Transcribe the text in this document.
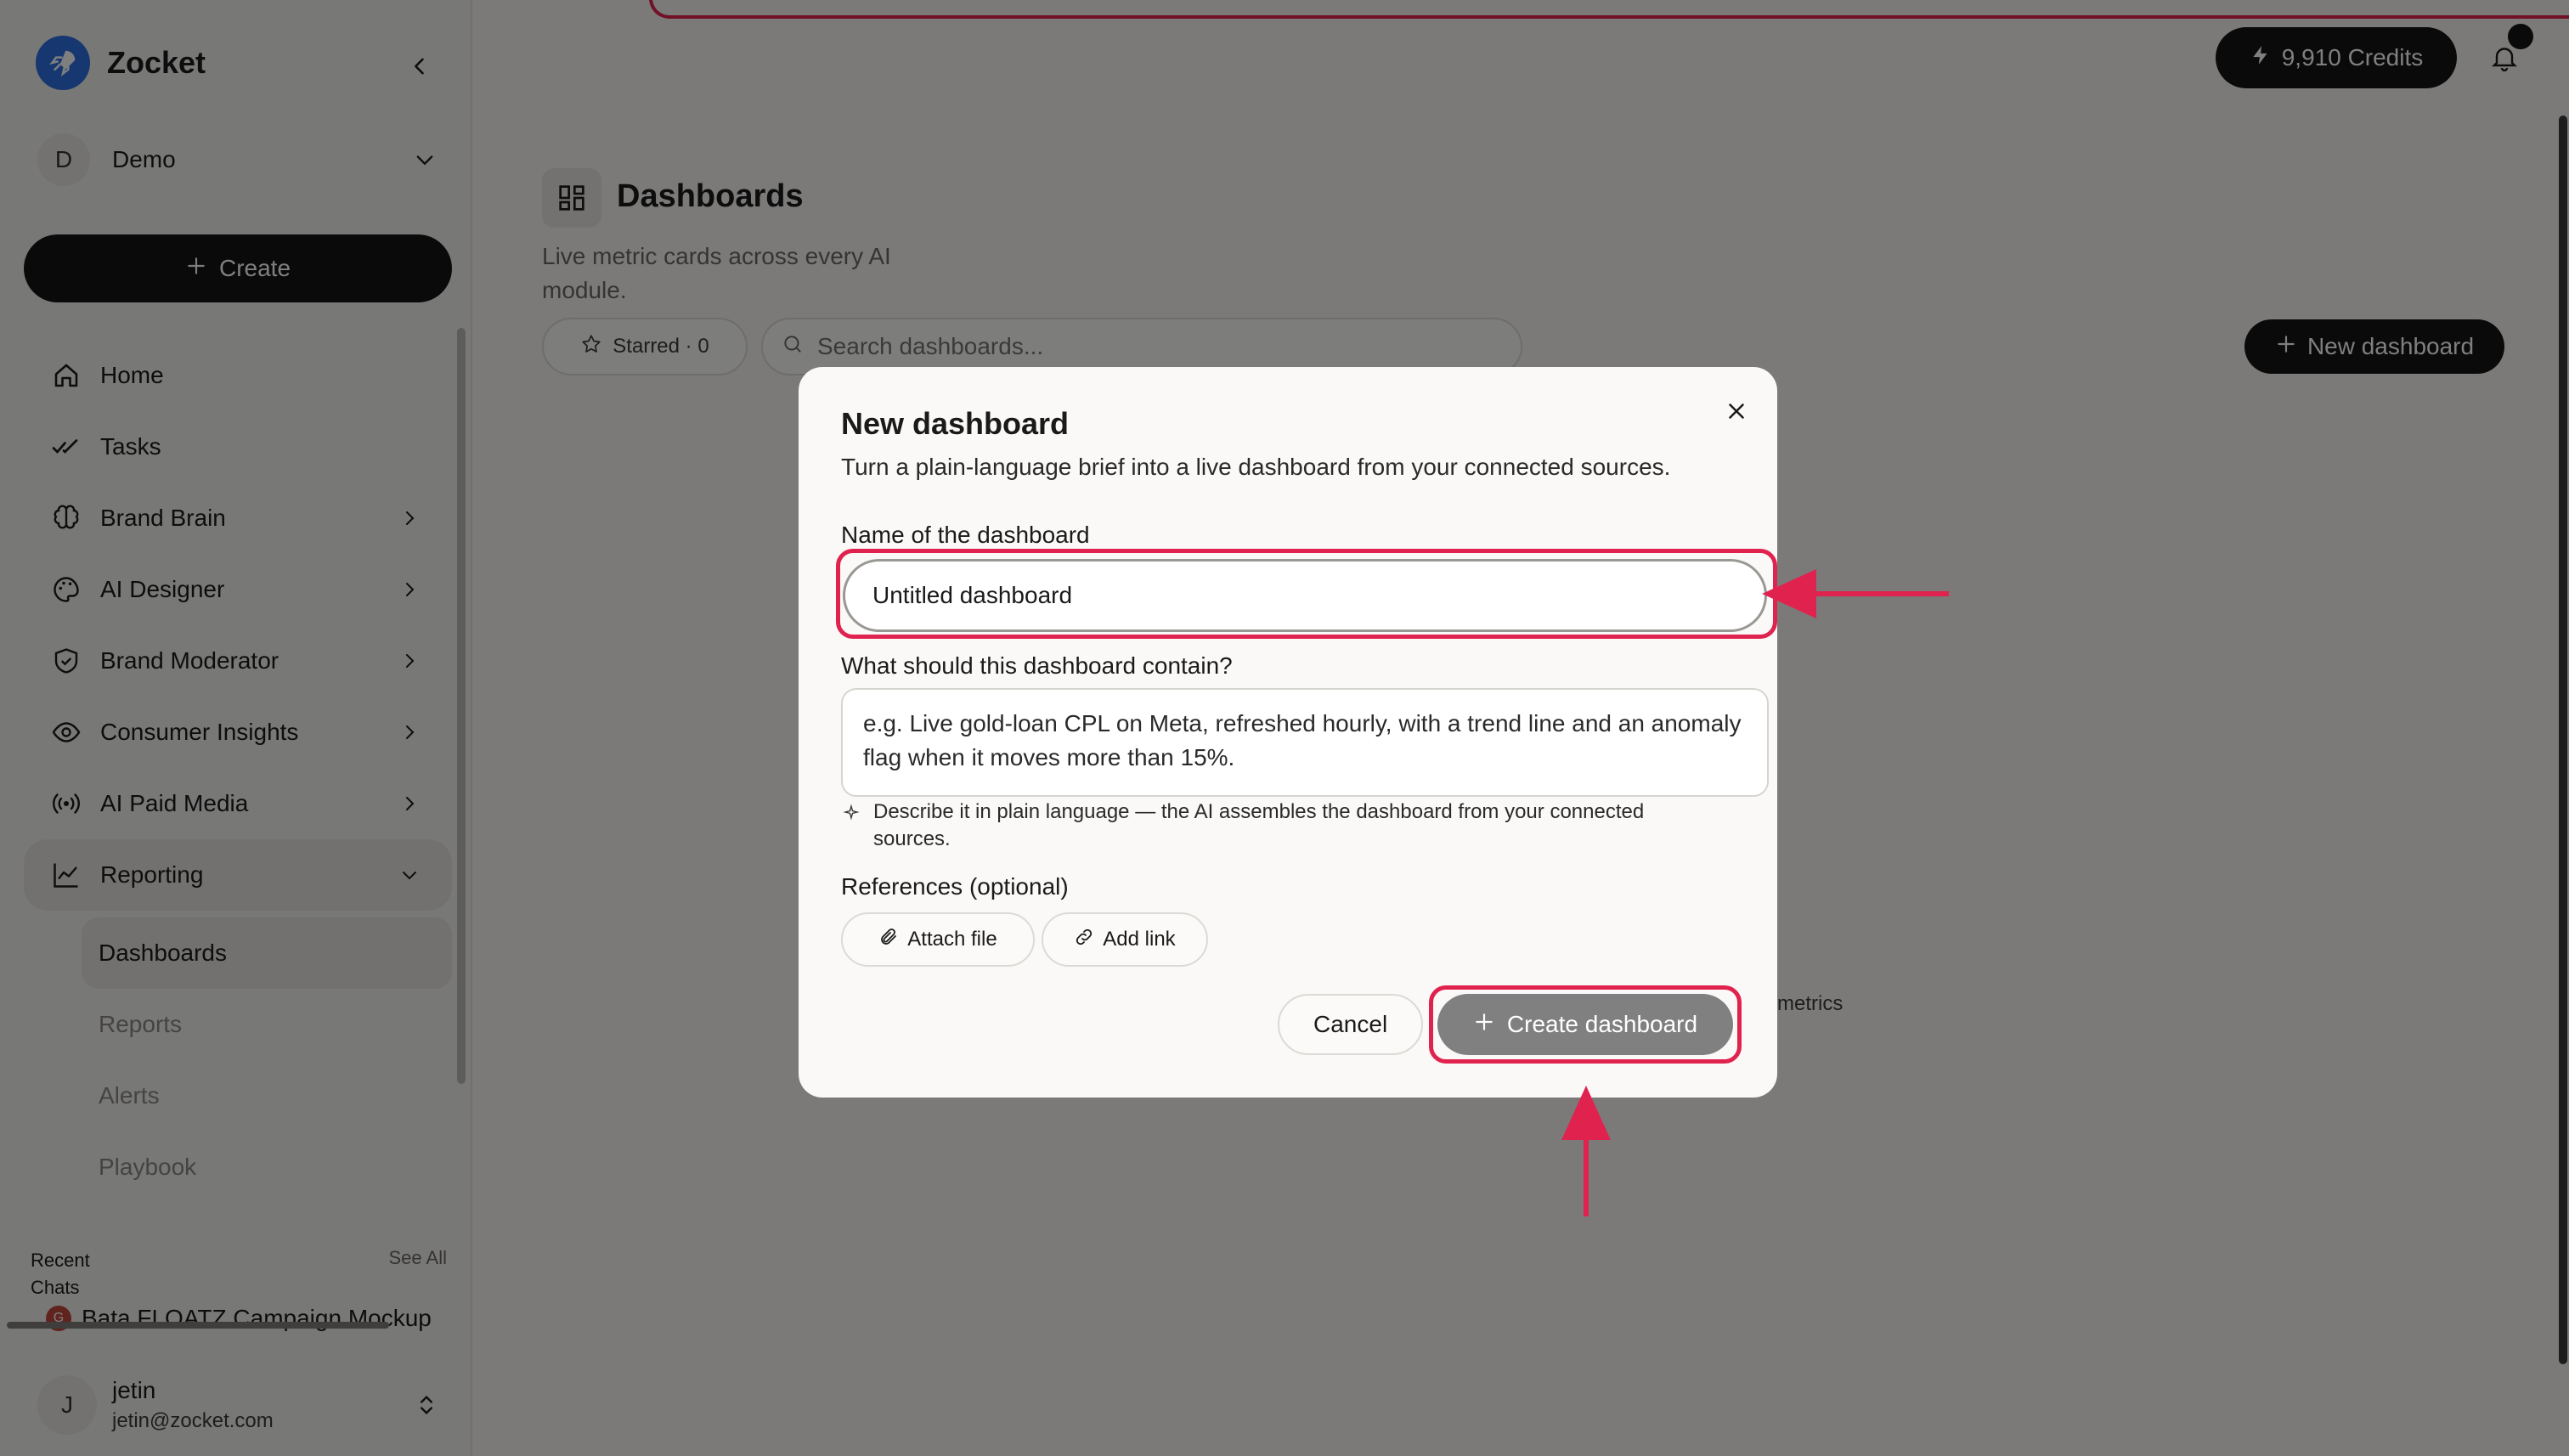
Search dashboards...
New dashboard

Turn a plain-language brief into a live dashboard from your connected sources.

Name of the dashboard
Untitled dashboard
What should this dashboard contain?
e.g. Live gold-loan CPL on Meta, refreshed hourly, with a trend line and an anomaly flag when it moves more than 15%.
Describe it in plain language — the AI assembles the dashboard from your connected sources.
References (optional)
Attach file	Add link
Cancel	Create dashboard
